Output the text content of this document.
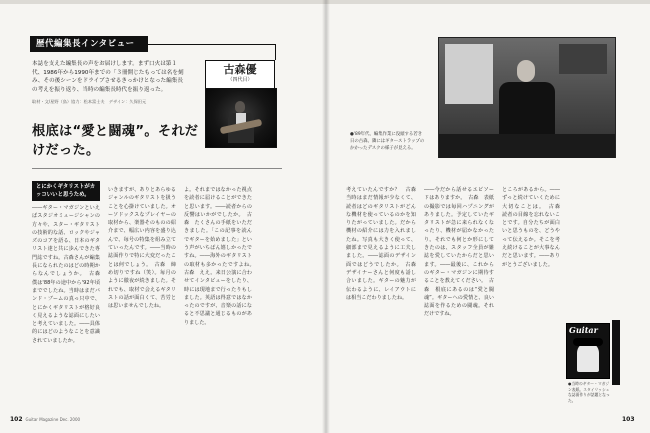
歴代編集長インタビュー

本誌を支えた編集長の声をお届けします。まず口火は第１代、1986年から1990年までの「３冊開じたもっては名を刻み、その後シーンをドライブさせるきっかけとなった編集長の考えを振り返り、当時の編集長時代を振り返った。

取材・文/星野（鳥）協力：松本富士夫　デザイン：久保田元

古森優
（四代目）
根底は“愛と闘魂”。それだけだった。
とにかくギタリストがカッコいいと思うため。

――ギター・マガジンといえばスタジオミュージシャンの方々や、スター・ギタリストの技術的な話、ロックやジャズのコアを語る、日本のギタリスト達と共に歩んできた専門誌ですね。古森さんが編集長になられたのはどの時期からなんでしょうか。　古森　僕は'88年の途中から'92年頃まででしたね。当時はまだバンド・ブームの真っ只中で、とにかくギタリストが格好良く見えるような誌面にしたいと考えていました。――具体的にはどのようなことを意識されていましたか。

いきますが、ありとあらゆるジャンルのギタリストを扱うことを心掛けていました。オーソドックスなプレイヤーの取材から、楽器そのものの紹介まで、幅広い内容を盛り込んで、毎号の特集を組み立てていったんです。――当時の誌面作りで特に大変だったことは何でしょう。　古森　締め切りですね（笑）。毎月のように徹夜が続きました。それでも、取材で会えるギタリストの話が面白くて、苦労とは思いませんでしたね。

よ。それまではなかった視点を読者に届けることができたと思います。――読者からの反響はいかがでしたか。　古森　たくさんの手紙をいただきました。「この記事を読んでギターを始めました」という声がいちばん嬉しかったですね。――海外のギタリストの取材も多かったですよね。　古森　ええ。来日公演に合わせてインタビューをしたり、時には現地まで行ったりもしました。英語は得意ではなかったのですが、音楽の話になると不思議と通じるものがありました。

102 Guitar Magazine Dec. 2000

●'89年代、編集作業に没頭する若き日の古森。隣にはギターストラップのかかったデスクの様子が見える。

考えていたんですか？　古森　当時はまだ情報が少なくて、読者はどのギタリストがどんな機材を使っているのかを知りたがっていました。だから機材の紹介には力を入れましたね。写真も大きく使って、細部まで見えるように工夫しました。――誌面のデザイン面ではどうでしたか。　古森　デザイナーさんと何度も話し合いました。ギターの魅力が伝わるように、レイアウトには相当こだわりましたね。

――今だから話せるエピソードはありますか。　古森　表紙の撮影では毎回ハプニングがありました。予定していたギタリストが急に来られなくなったり、機材が届かなかったり。それでも何とか形にしてきたのは、スタッフ全員が雑誌を愛していたからだと思います。――最後に、これからのギター・マガジンに期待することを教えてください。　古森　根底にあるのは“愛と闘魂”。ギターへの愛情と、良い誌面を作るための闘魂。それだけですね。

ところがあるから。――ずっと続けていくために大切なことは。　古森　読者の目線を忘れないことです。自分たちが面白いと思うものを、どうやって伝えるか。そこを考え続けることが大事なんだと思います。――ありがとうございました。

Guitar

●当時のギター・マガジン表紙。スタイリッシュな誌面作りが話題となった。

103
